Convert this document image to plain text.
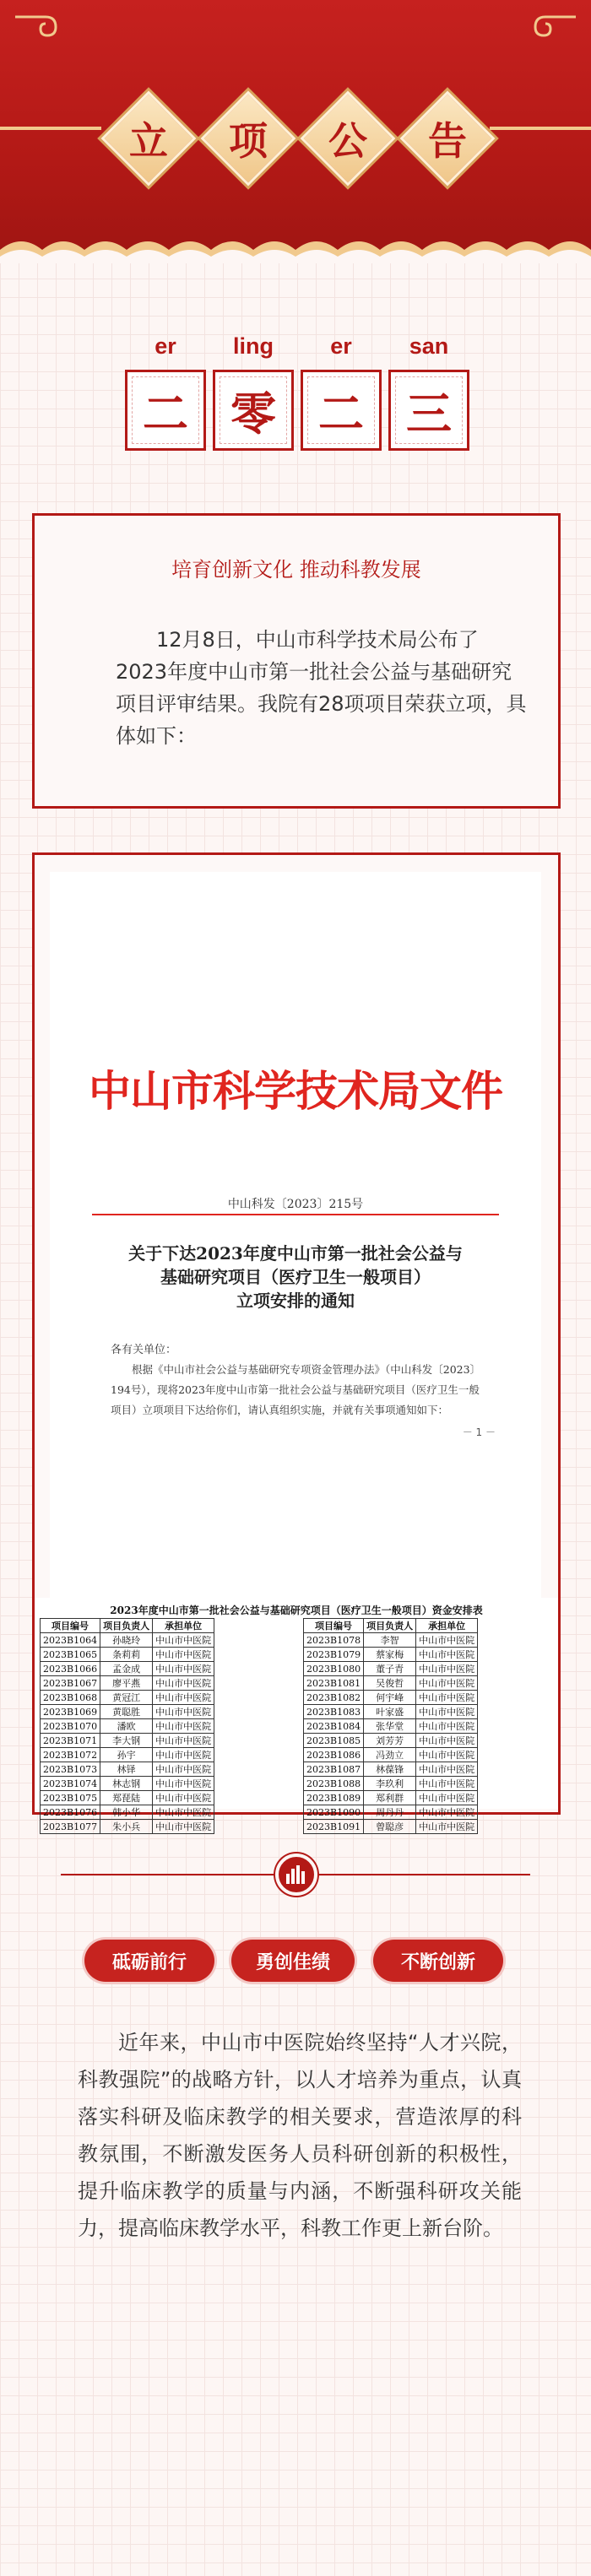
立	项	公	告
er	ling	er	san
二 零 二 三
培育创新文化 推动科教发展
12月8日，中山市科学技术局公布了2023年度中山市第一批社会公益与基础研究项目评审结果。我院有28项项目荣获立项，具体如下：
中山市科学技术局文件
中山科发〔2023〕215号
关于下达2023年度中山市第一批社会公益与
基础研究项目（医疗卫生一般项目）
立项安排的通知
各有关单位：
根据《中山市社会公益与基础研究专项资金管理办法》（中山科发〔2023〕194号），现将2023年度中山市第一批社会公益与基础研究项目（医疗卫生一般项目）立项项目下达给你们，请认真组织实施，并就有关事项通知如下：
－ 1 －
2023年度中山市第一批社会公益与基础研究项目（医疗卫生一般项目）资金安排表
项目编号	项目负责人	承担单位
2023B1064	孙晓玲	中山市中医院
2023B1065	条莉莉	中山市中医院
2023B1066	孟金成	中山市中医院
2023B1067	廖平燕	中山市中医院
2023B1068	黄冠江	中山市中医院
2023B1069	黄聪胜	中山市中医院
2023B1070	潘欧	中山市中医院
2023B1071	李大钢	中山市中医院
2023B1072	孙宇	中山市中医院
2023B1073	林铎	中山市中医院
2023B1074	林志钢	中山市中医院
2023B1075	郑琵陆	中山市中医院
2023B1076	韩小华	中山市中医院
2023B1077	朱小兵	中山市中医院
项目编号	项目负责人	承担单位
2023B1078	李智	中山市中医院
2023B1079	蔡家梅	中山市中医院
2023B1080	董子青	中山市中医院
2023B1081	吴俊哲	中山市中医院
2023B1082	何宇峰	中山市中医院
2023B1083	叶家盛	中山市中医院
2023B1084	张华堂	中山市中医院
2023B1085	刘芳芳	中山市中医院
2023B1086	冯劲立	中山市中医院
2023B1087	林葆锋	中山市中医院
2023B1088	李玖利	中山市中医院
2023B1089	郑利群	中山市中医院
2023B1090	周丹丹	中山市中医院
2023B1091	曾聪彦	中山市中医院
砥砺前行	勇创佳绩	不断创新
近年来，中山市中医院始终坚持“人才兴院，科教强院”的战略方针，以人才培养为重点，认真落实科研及临床教学的相关要求，营造浓厚的科教氛围，不断激发医务人员科研创新的积极性，提升临床教学的质量与内涵，不断强科研攻关能力，提高临床教学水平，科教工作更上新台阶。
